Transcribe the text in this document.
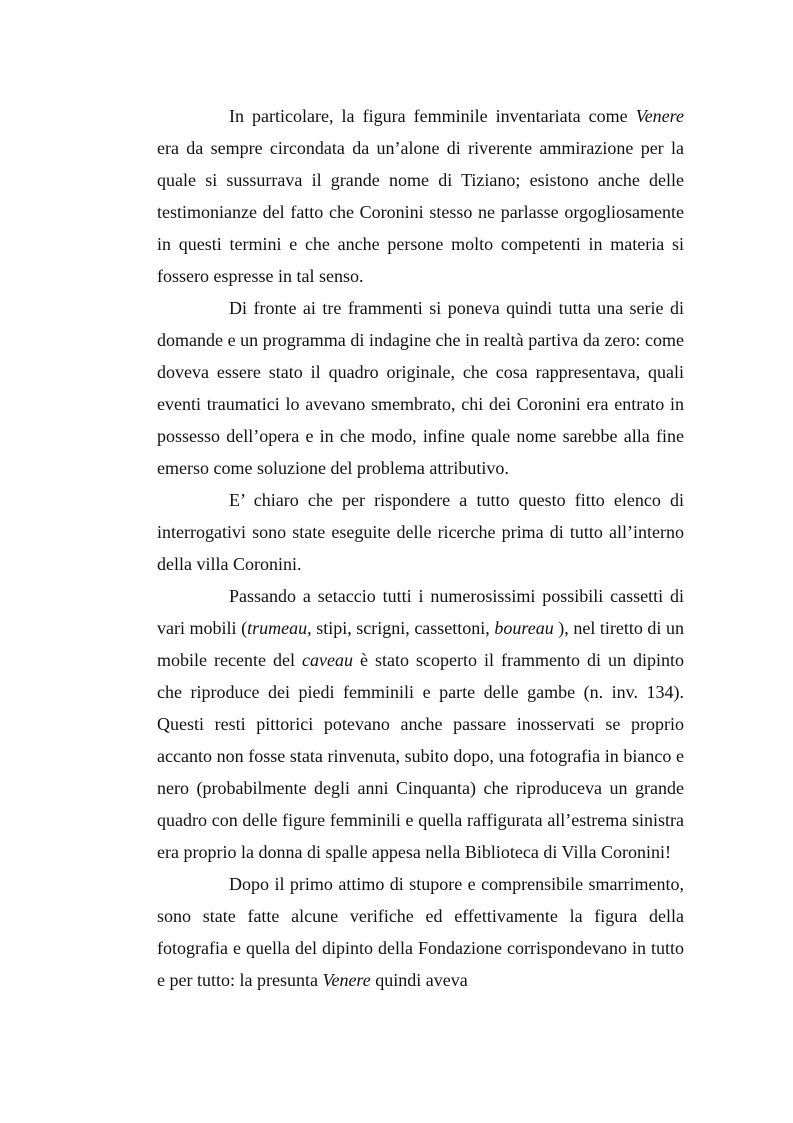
In particolare, la figura femminile inventariata come Venere era da sempre circondata da un’alone di riverente ammirazione per la quale si sussurrava il grande nome di Tiziano; esistono anche delle testimonianze del fatto che Coronini stesso ne parlasse orgogliosamente in questi termini e che anche persone molto competenti in materia si fossero espresse in tal senso.

Di fronte ai tre frammenti si poneva quindi tutta una serie di domande e un programma di indagine che in realtà partiva da zero: come doveva essere stato il quadro originale, che cosa rappresentava, quali eventi traumatici lo avevano smembrato, chi dei Coronini era entrato in possesso dell’opera e in che modo, infine quale nome sarebbe alla fine emerso come soluzione del problema attributivo.

E’ chiaro che per rispondere a tutto questo fitto elenco di interrogativi sono state eseguite delle ricerche prima di tutto all’interno della villa Coronini.

Passando a setaccio tutti i numerosissimi possibili cassetti di vari mobili (trumeau, stipi, scrigni, cassettoni, boureau ), nel tiretto di un mobile recente del caveau è stato scoperto il frammento di un dipinto che riproduce dei piedi femminili e parte delle gambe (n. inv. 134). Questi resti pittorici potevano anche passare inosservati se proprio accanto non fosse stata rinvenuta, subito dopo, una fotografia in bianco e nero (probabilmente degli anni Cinquanta) che riproduceva un grande quadro con delle figure femminili e quella raffigurata all’estrema sinistra era proprio la donna di spalle appesa nella Biblioteca di Villa Coronini!

Dopo il primo attimo di stupore e comprensibile smarrimento, sono state fatte alcune verifiche ed effettivamente la figura della fotografia e quella del dipinto della Fondazione corrispondevano in tutto e per tutto: la presunta Venere quindi aveva
